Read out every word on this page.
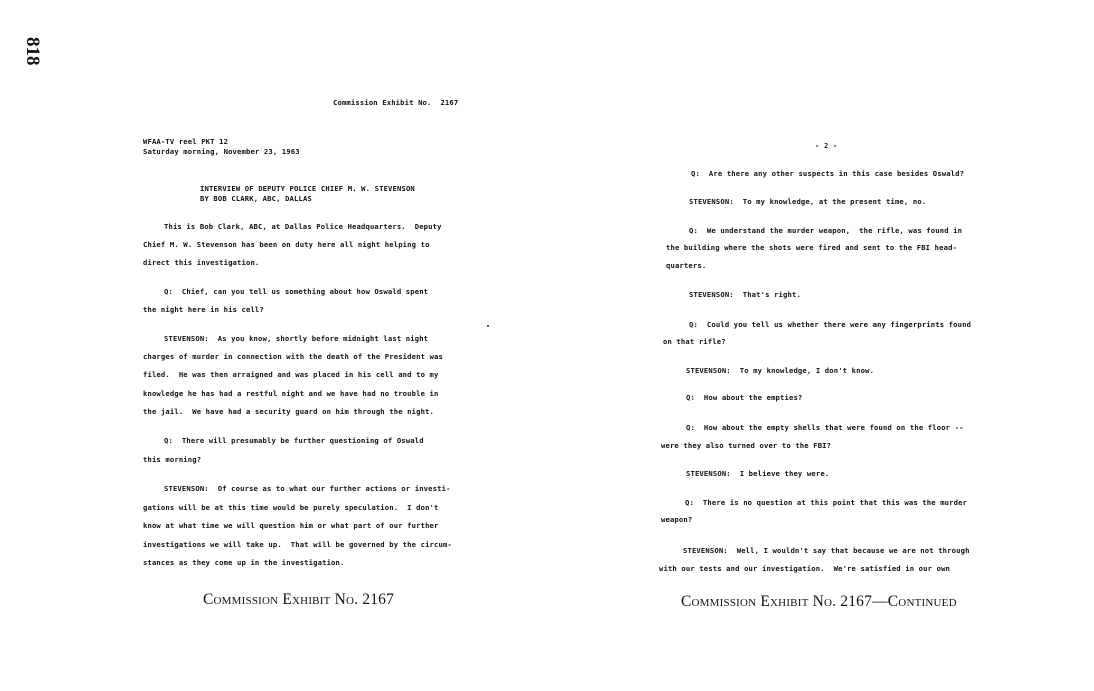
818
Commission Exhibit No.  2167
WFAA-TV reel PKT 12
Saturday morning, November 23, 1963
INTERVIEW OF DEPUTY POLICE CHIEF M. W. STEVENSON
BY BOB CLARK, ABC, DALLAS
This is Bob Clark, ABC, at Dallas Police Headquarters.  Deputy
Chief M. W. Stevenson has been on duty here all night helping to
direct this investigation.
Q:  Chief, can you tell us something about how Oswald spent
the night here in his cell?
STEVENSON:  As you know, shortly before midnight last night
charges of murder in connection with the death of the President was
filed.  He was then arraigned and was placed in his cell and to my
knowledge he has had a restful night and we have had no trouble in
the jail.  We have had a security guard on him through the night.
Q:  There will presumably be further questioning of Oswald
this morning?
STEVENSON:  Of course as to what our further actions or investi-
gations will be at this time would be purely speculation.  I don't
know at what time we will question him or what part of our further
investigations we will take up.  That will be governed by the circum-
stances as they come up in the investigation.
Commission Exhibit No. 2167
- 2 -
Q:  Are there any other suspects in this case besides Oswald?
STEVENSON:  To my knowledge, at the present time, no.
Q:  We understand the murder weapon,  the rifle, was found in
the building where the shots were fired and sent to the FBI head-
quarters.
STEVENSON:  That's right.
Q:  Could you tell us whether there were any fingerprints found
on that rifle?
STEVENSON:  To my knowledge, I don't know.
Q:  How about the empties?
Q:  How about the empty shells that were found on the floor --
were they also turned over to the FBI?
STEVENSON:  I believe they were.
Q:  There is no question at this point that this was the murder
weapon?
STEVENSON:  Well, I wouldn't say that because we are not through
with our tests and our investigation.  We're satisfied in our own
Commission Exhibit No. 2167—Continued
